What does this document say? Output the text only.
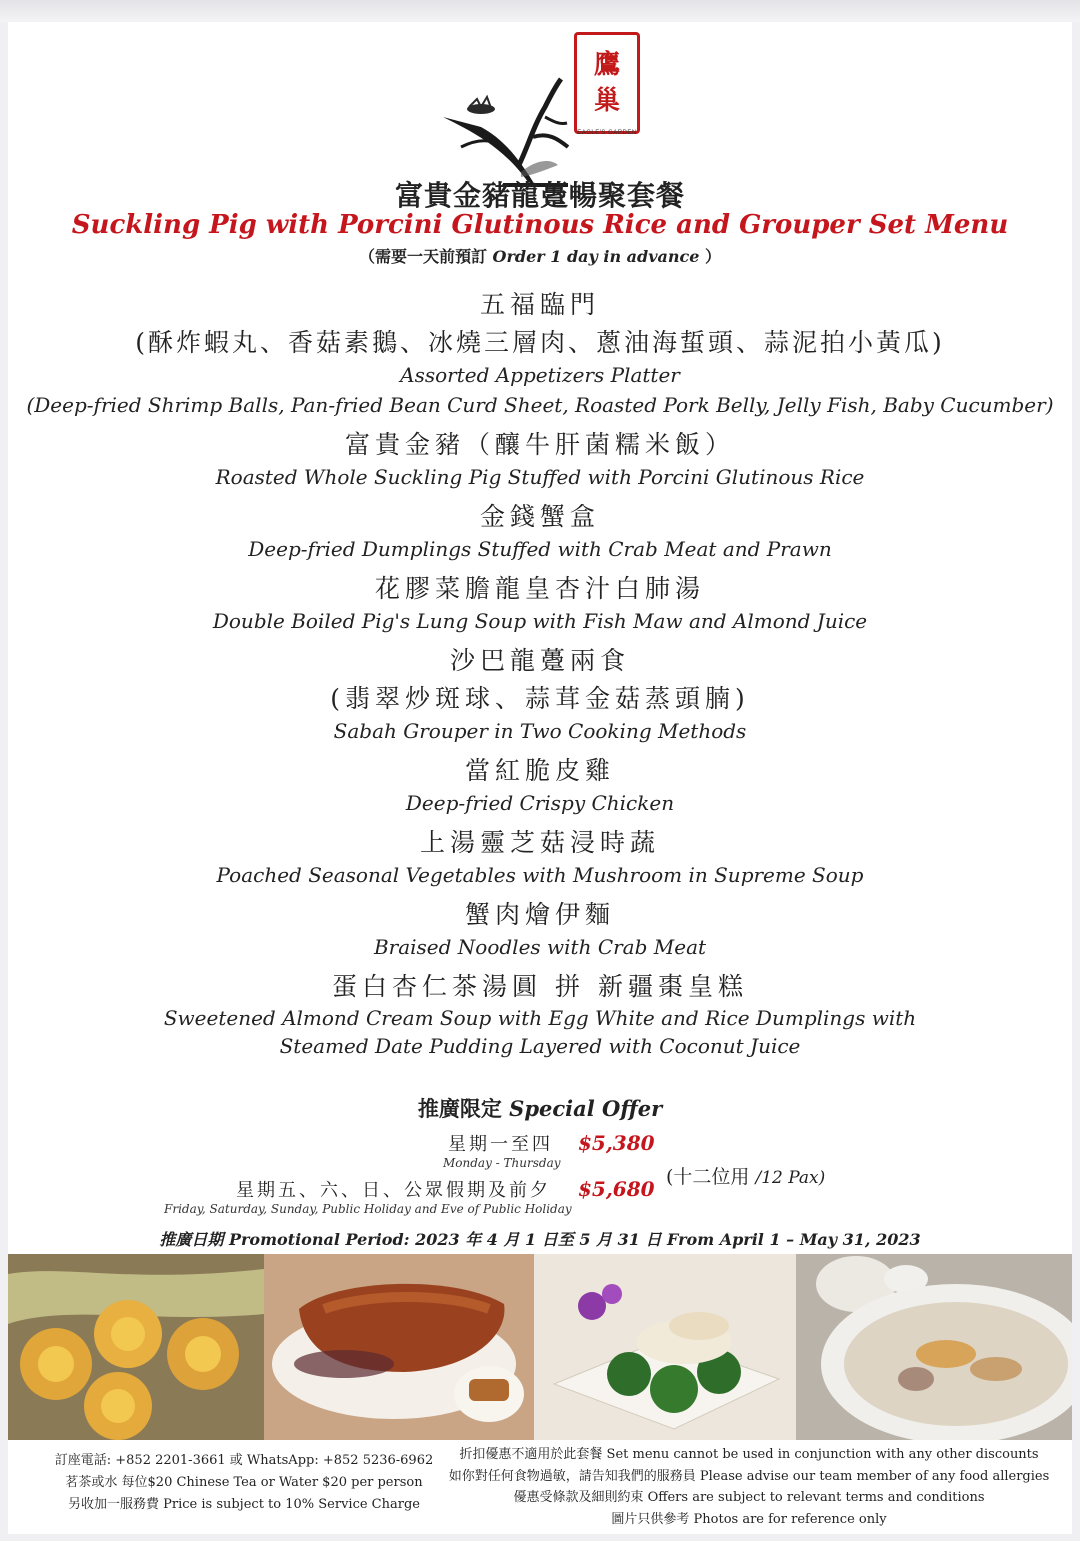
鷹
巢
EAGLE'S GARDEN
富貴金豬龍躉暢聚套餐
Suckling Pig with Porcini Glutinous Rice and Grouper Set Menu
（需要一天前預訂 Order 1 day in advance ）
五福臨門
(酥炸蝦丸、香菇素鵝、冰燒三層肉、蔥油海蜇頭、蒜泥拍小黃瓜)
Assorted Appetizers Platter
(Deep-fried Shrimp Balls, Pan-fried Bean Curd Sheet, Roasted Pork Belly, Jelly Fish, Baby Cucumber)
富貴金豬（釀牛肝菌糯米飯）
Roasted Whole Suckling Pig Stuffed with Porcini Glutinous Rice
金錢蟹盒
Deep-fried Dumplings Stuffed with Crab Meat and Prawn
花膠菜膽龍皇杏汁白肺湯
Double Boiled Pig's Lung Soup with Fish Maw and Almond Juice
沙巴龍躉兩食
(翡翠炒斑球、蒜茸金菇蒸頭腩)
Sabah Grouper in Two Cooking Methods
當紅脆皮雞
Deep-fried Crispy Chicken
上湯靈芝菇浸時蔬
Poached Seasonal Vegetables with Mushroom in Supreme Soup
蟹肉燴伊麵
Braised Noodles with Crab Meat
蛋白杏仁茶湯圓 拼 新疆棗皇糕
Sweetened Almond Cream Soup with Egg White and Rice Dumplings with
Steamed Date Pudding Layered with Coconut Juice
推廣限定 Special Offer
星期一至四
Monday - Thursday
$5,380
星期五、六、日、公眾假期及前夕
Friday, Saturday, Sunday, Public Holiday and Eve of Public Holiday
$5,680 (十二位用 /12 Pax)
推廣日期 Promotional Period: 2023 年 4 月 1 日至 5 月 31 日 From April 1 – May 31, 2023
訂座電話: +852 2201-3661 或 WhatsApp: +852 5236-6962
茗茶或水 每位$20 Chinese Tea or Water $20 per person
另收加一服務費 Price is subject to 10% Service Charge
折扣優惠不適用於此套餐 Set menu cannot be used in conjunction with any other discounts
如你對任何食物過敏，請告知我們的服務員 Please advise our team member of any food allergies
優惠受條款及細則約束 Offers are subject to relevant terms and conditions
圖片只供參考 Photos are for reference only
